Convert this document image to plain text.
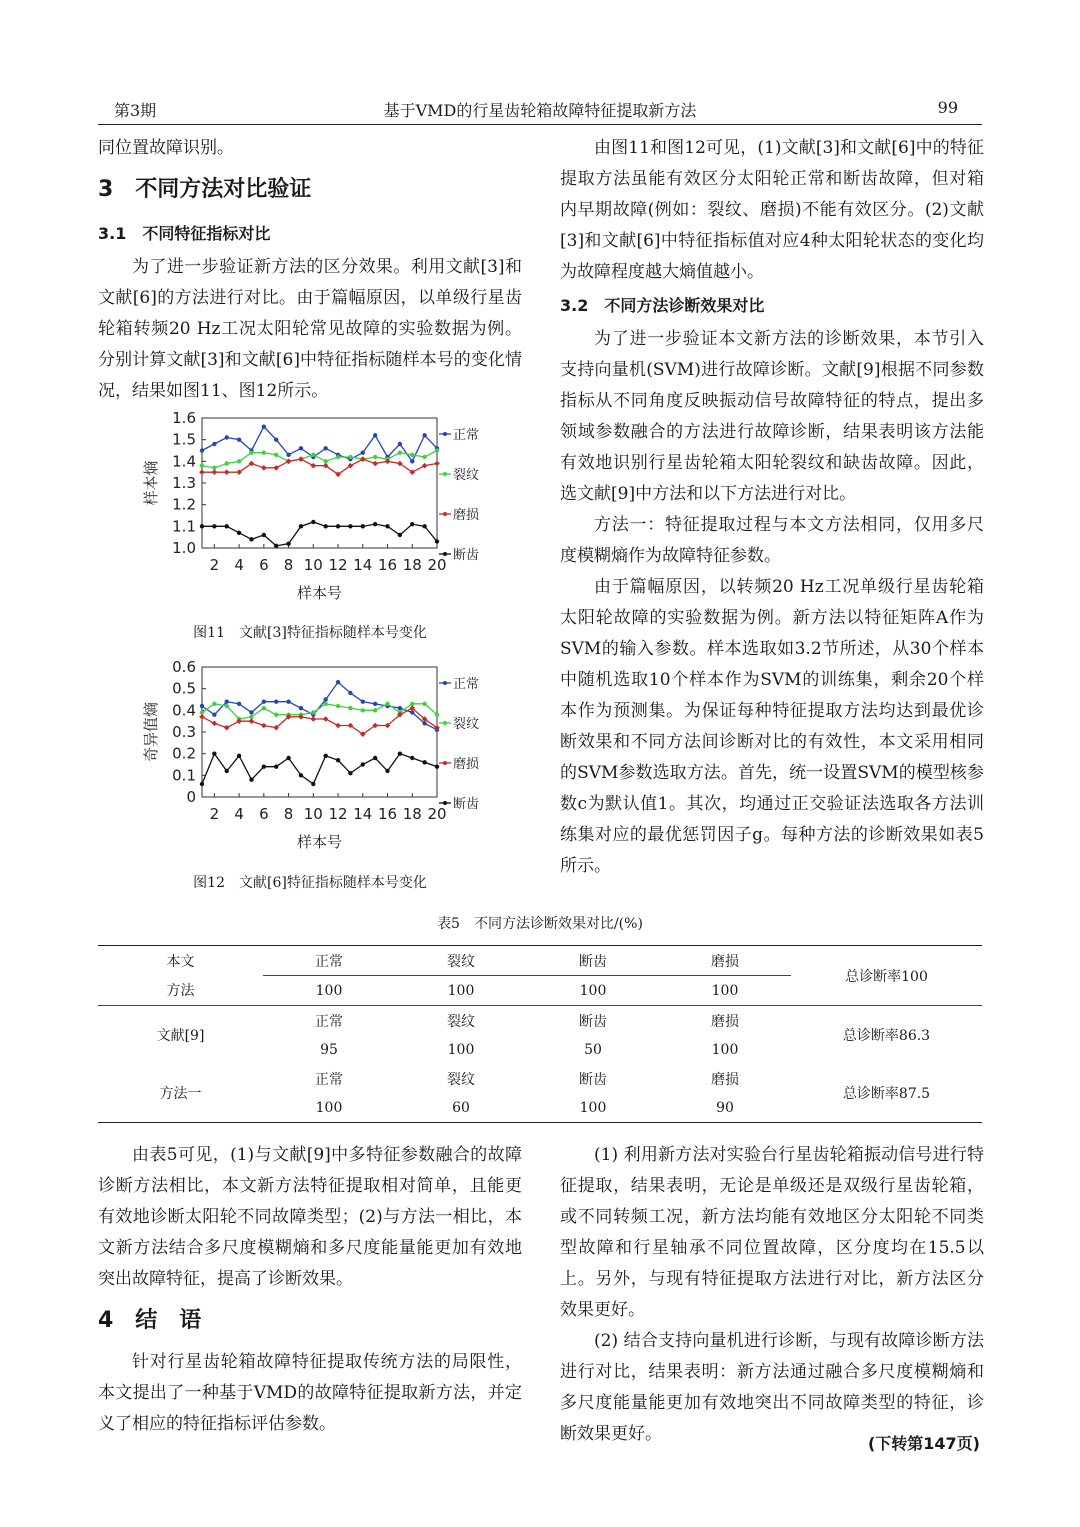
第3期	基于VMD的行星齿轮箱故障特征提取新方法	99

同位置故障识别。

3　不同方法对比验证
3.1　不同特征指标对比

为了进一步验证新方法的区分效果。利用文献[3]和文献[6]的方法进行对比。由于篇幅原因，以单级行星齿轮箱转频20 Hz工况太阳轮常见故障的实验数据为例。分别计算文献[3]和文献[6]中特征指标随样本号的变化情况，结果如图11、图12所示。

1.0
1.1
1.2
1.3
1.4
1.5
1.6
2 4 6 8 10 12 14 16 18 20
样本号
样本熵
正常
裂纹
磨损
断齿
图11　文献[3]特征指标随样本号变化
0
0.1
0.2
0.3
0.4
0.5
0.6
2 4 6 8 10 12 14 16 18 20
样本号
奇异值熵
正常
裂纹
磨损
断齿
图12　文献[6]特征指标随样本号变化

由图11和图12可见，(1)文献[3]和文献[6]中的特征提取方法虽能有效区分太阳轮正常和断齿故障，但对箱内早期故障(例如：裂纹、磨损)不能有效区分。(2)文献[3]和文献[6]中特征指标值对应4种太阳轮状态的变化均为故障程度越大熵值越小。

3.2　不同方法诊断效果对比

为了进一步验证本文新方法的诊断效果，本节引入支持向量机(SVM)进行故障诊断。文献[9]根据不同参数指标从不同角度反映振动信号故障特征的特点，提出多领域参数融合的方法进行故障诊断，结果表明该方法能有效地识别行星齿轮箱太阳轮裂纹和缺齿故障。因此，选文献[9]中方法和以下方法进行对比。

方法一：特征提取过程与本文方法相同，仅用多尺度模糊熵作为故障特征参数。

由于篇幅原因，以转频20 Hz工况单级行星齿轮箱太阳轮故障的实验数据为例。新方法以特征矩阵A作为SVM的输入参数。样本选取如3.2节所述，从30个样本中随机选取10个样本作为SVM的训练集，剩余20个样本作为预测集。为保证每种特征提取方法均达到最优诊断效果和不同方法间诊断对比的有效性，本文采用相同的SVM参数选取方法。首先，统一设置SVM的模型核参数c为默认值1。其次，均通过正交验证法选取各方法训练集对应的最优惩罚因子g。每种方法的诊断效果如表5所示。

表5　不同方法诊断效果对比/(%)
本文	正常	裂纹	断齿	磨损	总诊断率100
方法	100	100	100	100	
文献[9]	正常	裂纹	断齿	磨损	总诊断率86.3
	95	100	50	100	
方法一	正常	裂纹	断齿	磨损	总诊断率87.5
	100	60	100	90	

由表5可见，(1)与文献[9]中多特征参数融合的故障诊断方法相比，本文新方法特征提取相对简单，且能更有效地诊断太阳轮不同故障类型；(2)与方法一相比，本文新方法结合多尺度模糊熵和多尺度能量能更加有效地突出故障特征，提高了诊断效果。

4　结　语

针对行星齿轮箱故障特征提取传统方法的局限性，本文提出了一种基于VMD的故障特征提取新方法，并定义了相应的特征指标评估参数。

(1) 利用新方法对实验台行星齿轮箱振动信号进行特征提取，结果表明，无论是单级还是双级行星齿轮箱，或不同转频工况，新方法均能有效地区分太阳轮不同类型故障和行星轴承不同位置故障，区分度均在15.5以上。另外，与现有特征提取方法进行对比，新方法区分效果更好。

(2) 结合支持向量机进行诊断，与现有故障诊断方法进行对比，结果表明：新方法通过融合多尺度模糊熵和多尺度能量能更加有效地突出不同故障类型的特征，诊断效果更好。	(下转第147页)
